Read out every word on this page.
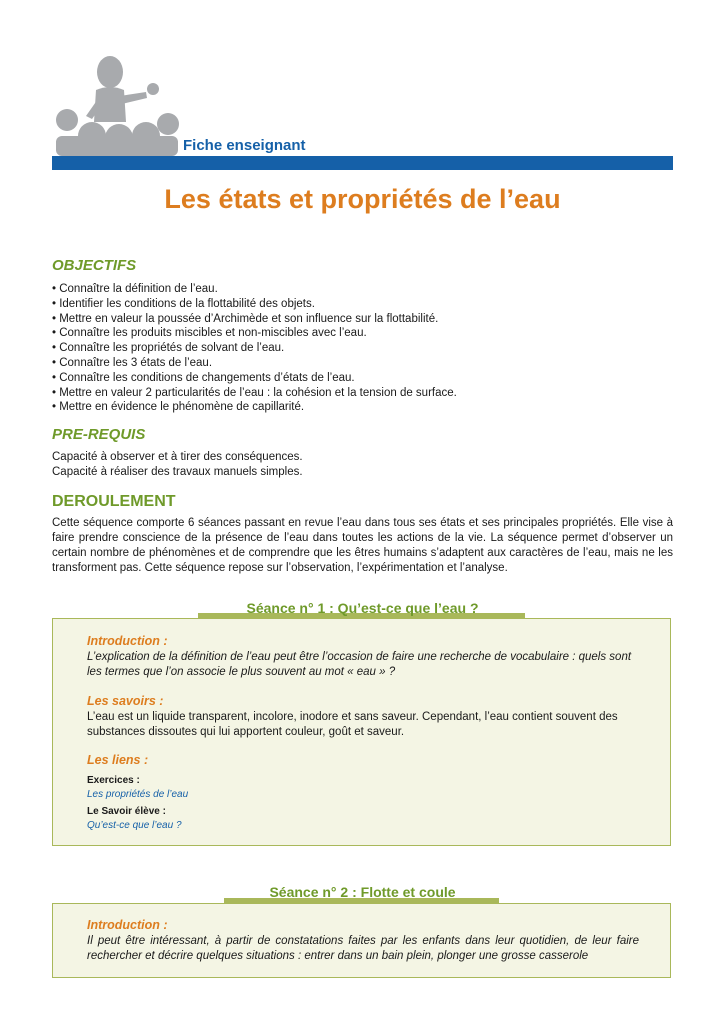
Fiche enseignant
Les états et propriétés de l’eau
OBJECTIFS
• Connaître la définition de l’eau.
• Identifier les conditions de la flottabilité des objets.
• Mettre en valeur la poussée d’Archimède et son influence sur la flottabilité.
• Connaître les produits miscibles et non-miscibles avec l’eau.
• Connaître les propriétés de solvant de l’eau.
• Connaître les 3 états de l’eau.
• Connaître les conditions de changements d’états de l’eau.
• Mettre en valeur 2 particularités de l’eau : la cohésion et la tension de surface.
• Mettre en évidence le phénomène de capillarité.
PRE-REQUIS

Capacité à observer et à tirer des conséquences.

Capacité à réaliser des travaux manuels simples.

DEROULEMENT

Cette séquence comporte 6 séances passant en revue l’eau dans tous ses états et ses principales propriétés. Elle vise à faire prendre conscience de la présence de l’eau dans toutes les actions de la vie. La séquence permet d’observer un certain nombre de phénomènes et de comprendre que les êtres humains s’adaptent aux caractères de l’eau, mais ne les transforment pas. Cette séquence repose sur l’observation, l’expérimentation et l’analyse.

Séance n° 1 : Qu’est-ce que l’eau ?
Introduction :

L’explication de la définition de l’eau peut être l’occasion de faire une recherche de vocabulaire : quels sont les termes que l’on associe le plus souvent au mot « eau » ?

Les savoirs :

L’eau est un liquide transparent, incolore, inodore et sans saveur. Cependant, l’eau contient souvent des substances dissoutes qui lui apportent couleur, goût et saveur.

Les liens :
Exercices :
Les propriétés de l’eau
Le Savoir élève :
Qu’est-ce que l’eau ?
Séance n° 2 : Flotte et coule
Introduction :

Il peut être intéressant, à partir de constatations faites par les enfants dans leur quotidien, de leur faire rechercher et décrire quelques situations : entrer dans un bain plein, plonger une grosse casserole
